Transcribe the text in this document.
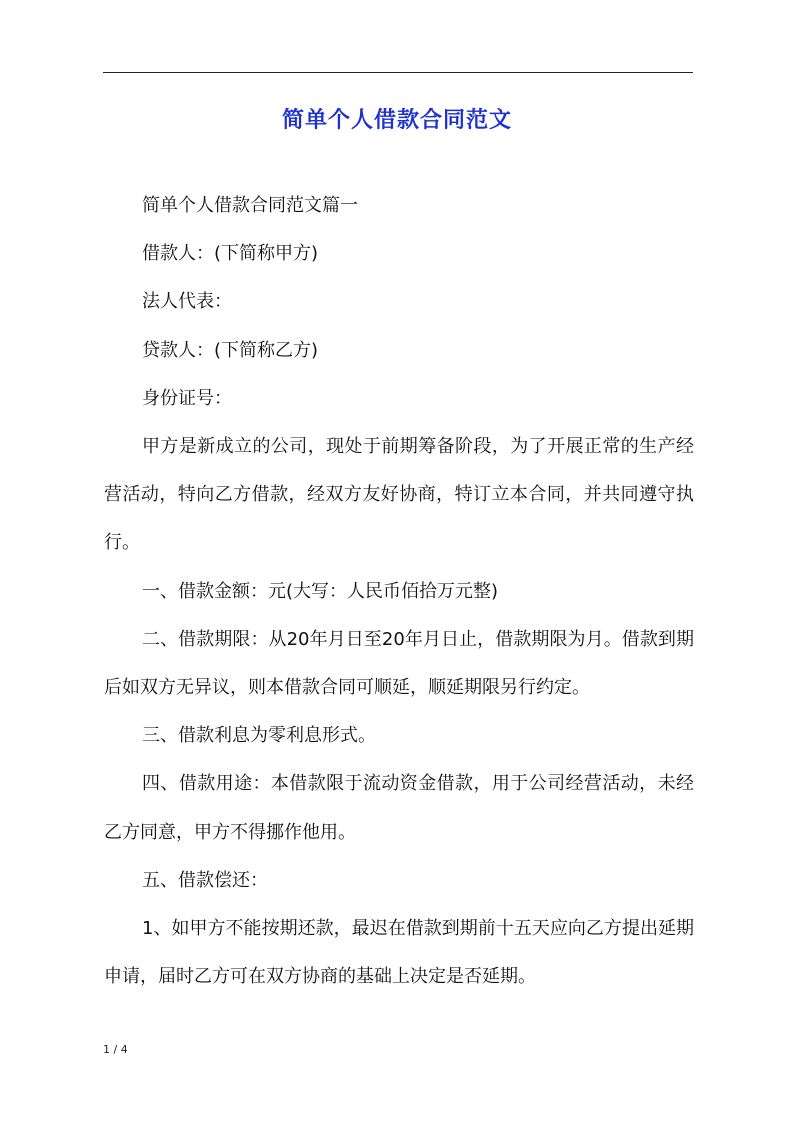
简单个人借款合同范文

简单个人借款合同范文篇一

借款人：(下简称甲方)

法人代表：

贷款人：(下简称乙方)

身份证号：

甲方是新成立的公司，现处于前期筹备阶段，为了开展正常的生产经营活动，特向乙方借款，经双方友好协商，特订立本合同，并共同遵守执行。

一、借款金额：元(大写：人民币佰拾万元整)

二、借款期限：从20年月日至20年月日止，借款期限为月。借款到期后如双方无异议，则本借款合同可顺延，顺延期限另行约定。

三、借款利息为零利息形式。

四、借款用途：本借款限于流动资金借款，用于公司经营活动，未经乙方同意，甲方不得挪作他用。

五、借款偿还：

1、如甲方不能按期还款，最迟在借款到期前十五天应向乙方提出延期申请，届时乙方可在双方协商的基础上决定是否延期。

1 / 4
